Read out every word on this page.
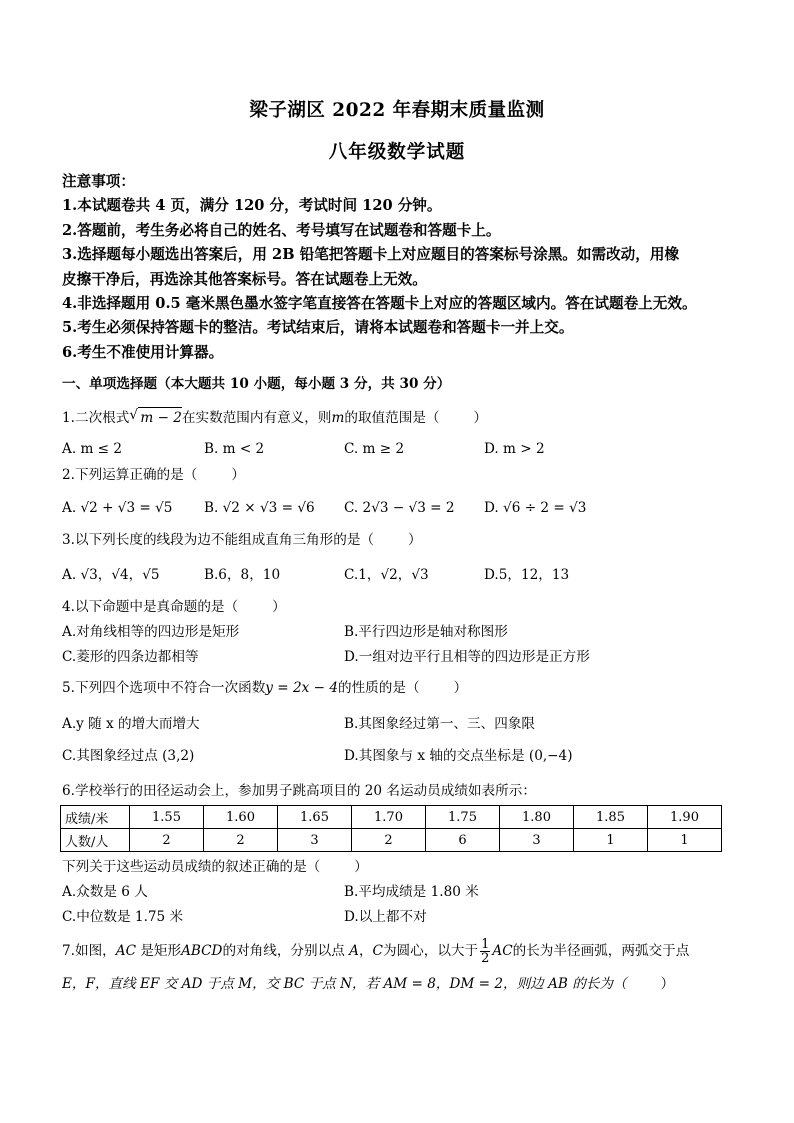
梁子湖区 2022 年春期末质量监测
八年级数学试题
注意事项：
1.本试题卷共 4 页，满分 120 分，考试时间 120 分钟。
2.答题前，考生务必将自己的姓名、考号填写在试题卷和答题卡上。
3.选择题每小题选出答案后，用 2B 铅笔把答题卡上对应题目的答案标号涂黑。如需改动，用橡
皮擦干净后，再选涂其他答案标号。答在试题卷上无效。
4.非选择题用 0.5 毫米黑色墨水签字笔直接答在答题卡上对应的答题区域内。答在试题卷上无效。
5.考生必须保持答题卡的整洁。考试结束后，请将本试题卷和答题卡一并上交。
6.考生不准使用计算器。
一、单项选择题（本大题共 10 小题，每小题 3 分，共 30 分）
1.二次根式 √ m − 2在实数范围内有意义，则m的取值范围是（	）
A. m ≤ 2	B. m < 2	C. m ≥ 2	D. m > 2
2.下列运算正确的是（	）
A. √2 + √3 = √5 B. √2 × √3 = √6 C. 2√3 − √3 = 2 D. √6 ÷ 2 = √3
3.以下列长度的线段为边不能组成直角三角形的是（	）
A. √3，√4，√5	B.6，8，10	C.1，√2，√3	D.5，12，13
4.以下命题中是真命题的是（	）
A.对角线相等的四边形是矩形	B.平行四边形是轴对称图形
C.菱形的四条边都相等	D.一组对边平行且相等的四边形是正方形
5.下列四个选项中不符合一次函数y = 2x − 4的性质的是（	）
A.y 随 x 的增大而增大	B.其图象经过第一、三、四象限
C.其图象经过点 (3,2)	D.其图象与 x 轴的交点坐标是 (0,−4)
6.学校举行的田径运动会上，参加男子跳高项目的 20 名运动员成绩如表所示：
成绩/米	1.55	1.60	1.65	1.70	1.75	1.80	1.85	1.90
人数/人	2	2	3	2	6	3	1	1
下列关于这些运动员成绩的叙述正确的是（	）
A.众数是 6 人	B.平均成绩是 1.80 米
C.中位数是 1.75 米	D.以上都不对
7.如图，AC 是矩形ABCD的对角线，分别以点 A，C为圆心，以大于 $\frac{1}{2}$ AC的长为半径画弧，两弧交于点
E，F，直线 EF 交 AD 于点 M，交 BC 于点 N，若 AM = 8，DM = 2，则边 AB 的长为（	）
